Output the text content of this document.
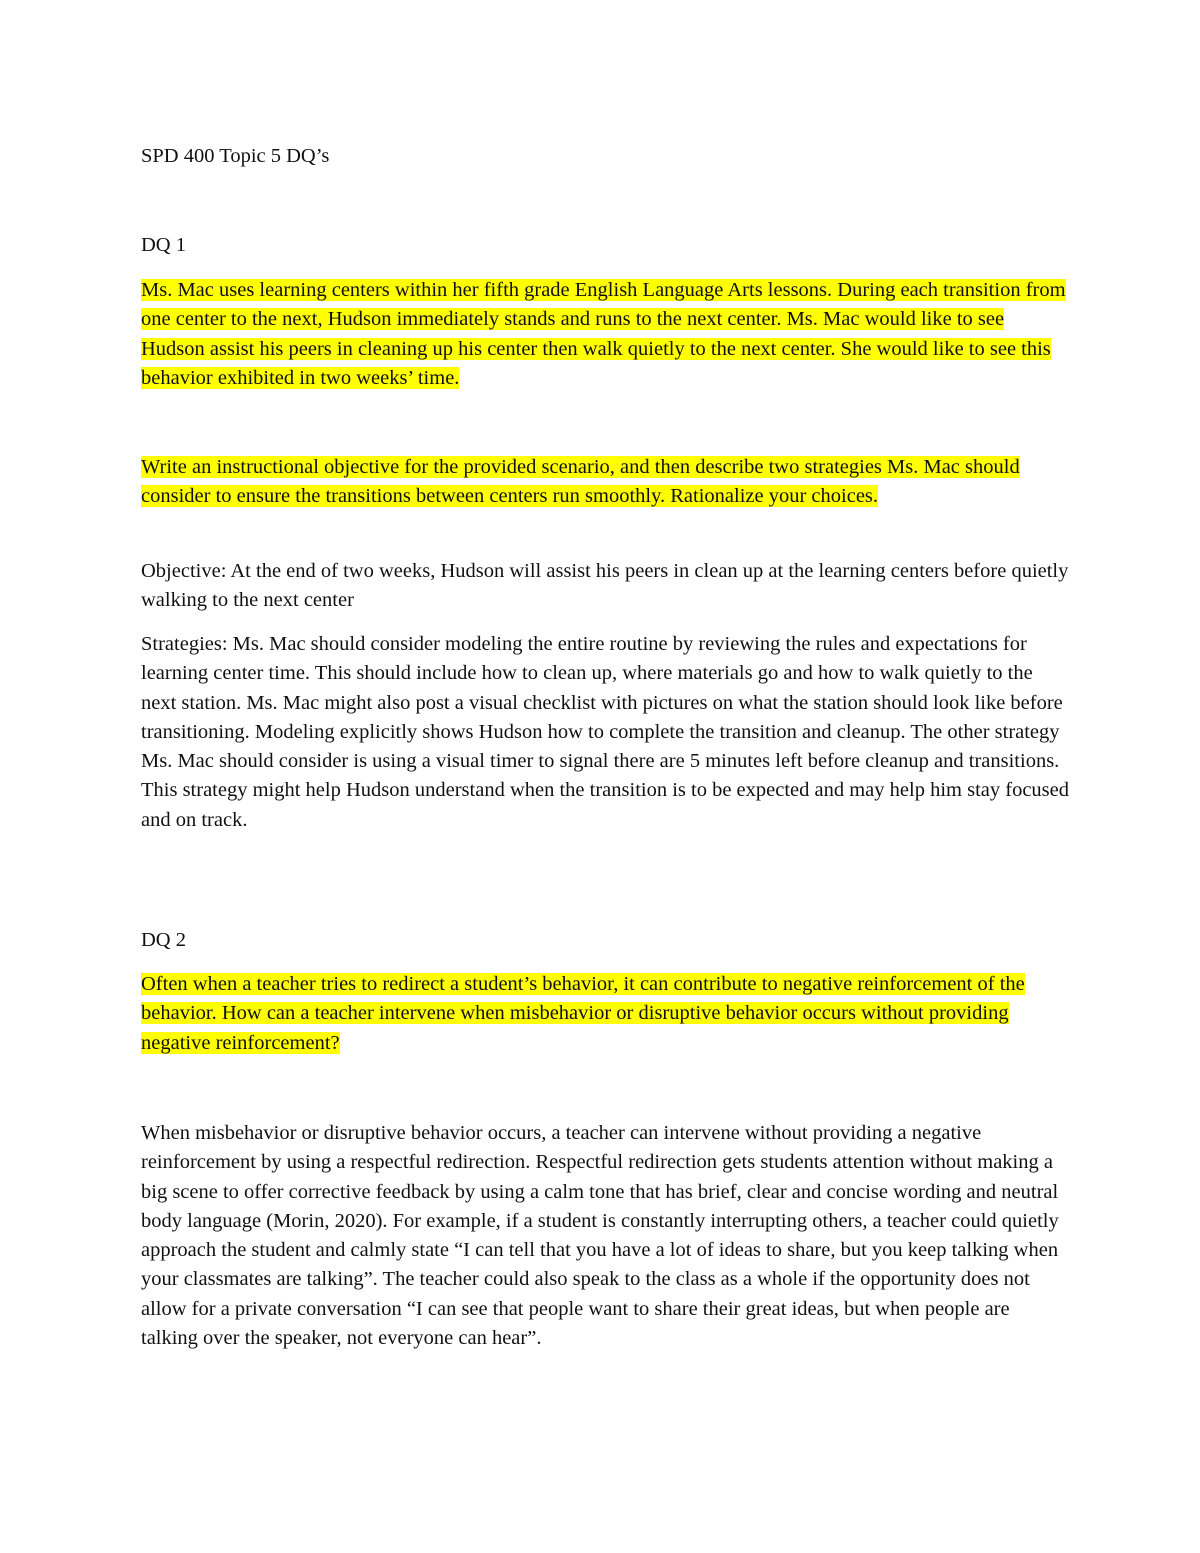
SPD 400 Topic 5 DQ’s

DQ 1

Ms. Mac uses learning centers within her fifth grade English Language Arts lessons. During each transition from one center to the next, Hudson immediately stands and runs to the next center. Ms. Mac would like to see Hudson assist his peers in cleaning up his center then walk quietly to the next center. She would like to see this behavior exhibited in two weeks’ time.

Write an instructional objective for the provided scenario, and then describe two strategies Ms. Mac should consider to ensure the transitions between centers run smoothly. Rationalize your choices.

Objective: At the end of two weeks, Hudson will assist his peers in clean up at the learning centers before quietly walking to the next center

Strategies: Ms. Mac should consider modeling the entire routine by reviewing the rules and expectations for learning center time. This should include how to clean up, where materials go and how to walk quietly to the next station. Ms. Mac might also post a visual checklist with pictures on what the station should look like before transitioning. Modeling explicitly shows Hudson how to complete the transition and cleanup. The other strategy Ms. Mac should consider is using a visual timer to signal there are 5 minutes left before cleanup and transitions. This strategy might help Hudson understand when the transition is to be expected and may help him stay focused and on track.

DQ 2

Often when a teacher tries to redirect a student’s behavior, it can contribute to negative reinforcement of the behavior. How can a teacher intervene when misbehavior or disruptive behavior occurs without providing negative reinforcement?

When misbehavior or disruptive behavior occurs, a teacher can intervene without providing a negative reinforcement by using a respectful redirection. Respectful redirection gets students attention without making a big scene to offer corrective feedback by using a calm tone that has brief, clear and concise wording and neutral body language (Morin, 2020). For example, if a student is constantly interrupting others, a teacher could quietly approach the student and calmly state “I can tell that you have a lot of ideas to share, but you keep talking when your classmates are talking”. The teacher could also speak to the class as a whole if the opportunity does not allow for a private conversation “I can see that people want to share their great ideas, but when people are talking over the speaker, not everyone can hear”.
